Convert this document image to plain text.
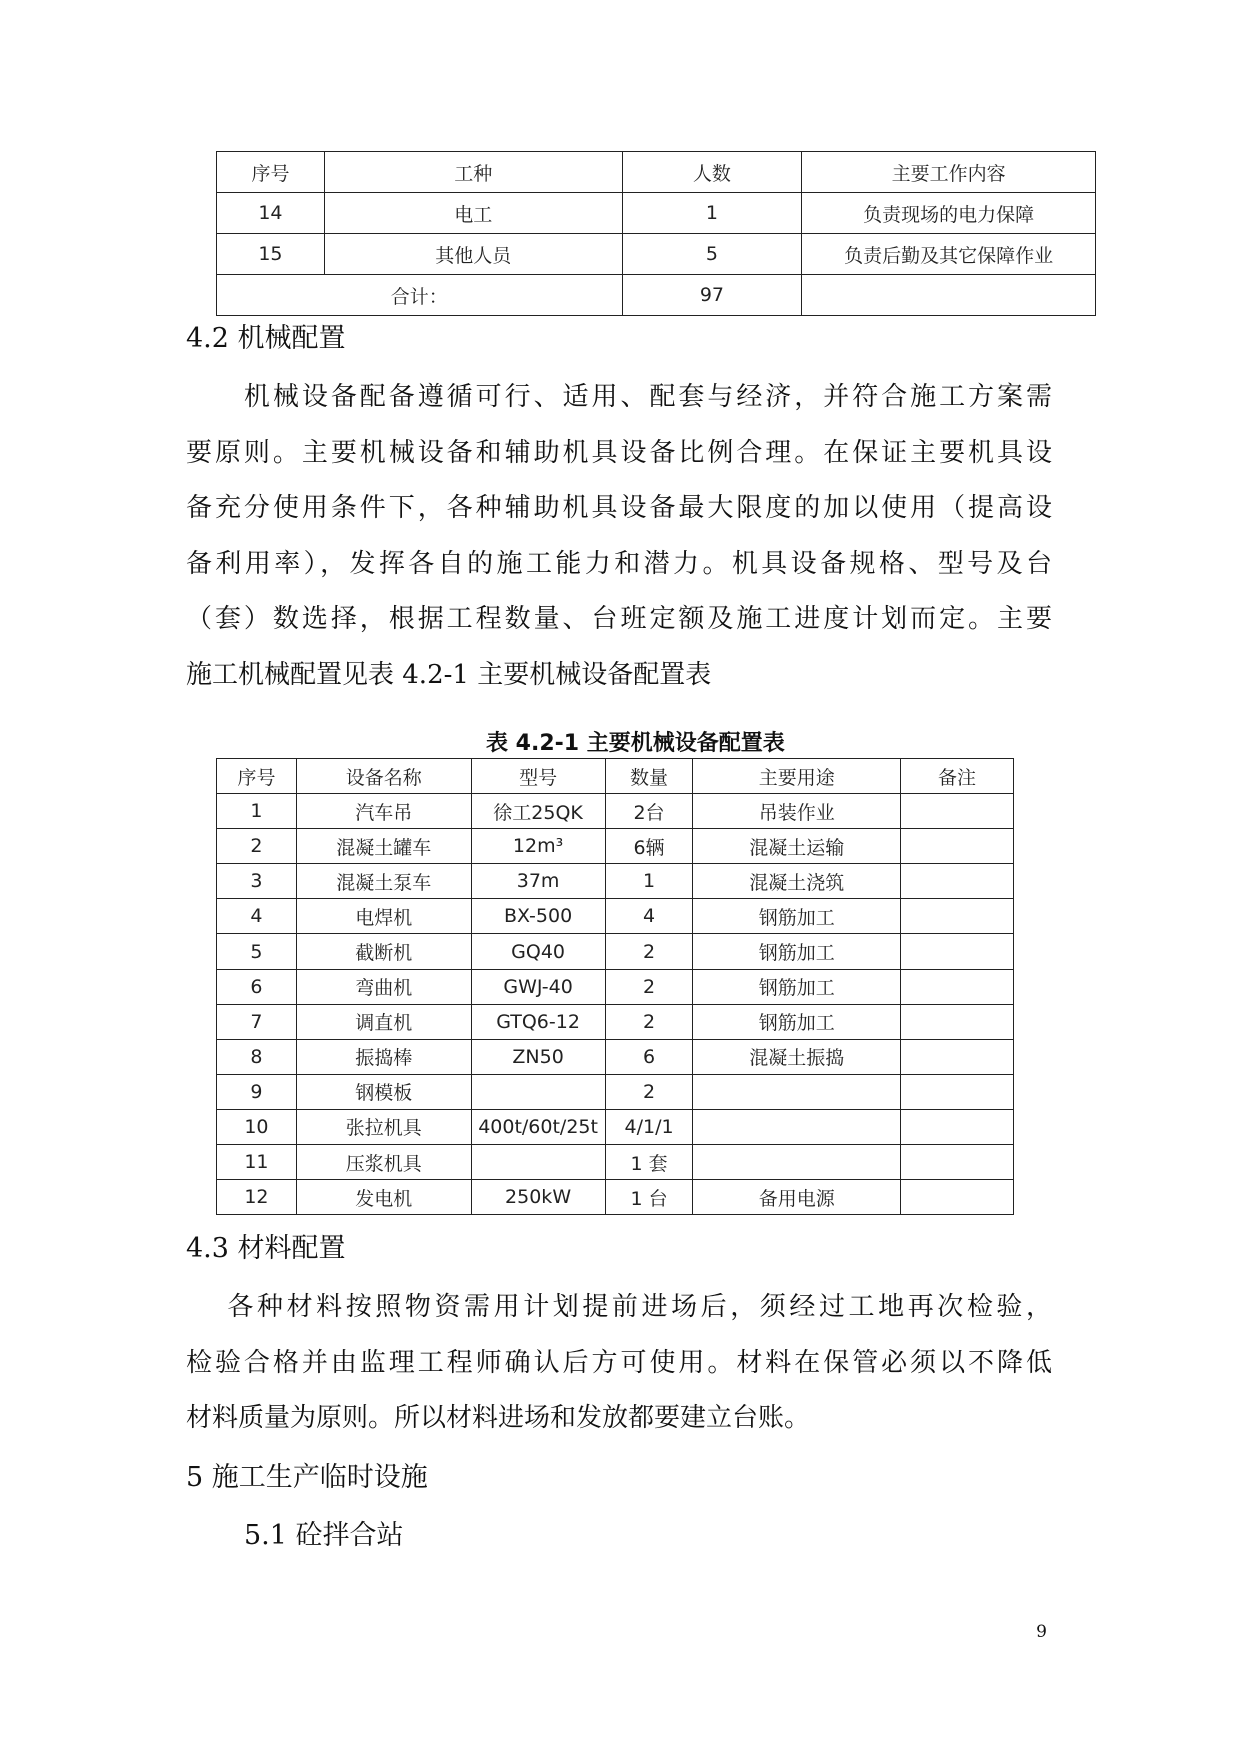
序号	工种	人数	主要工作内容
14	电工	1	负责现场的电力保障
15	其他人员	5	负责后勤及其它保障作业
合计：		97	
4.2 机械配置
　　机械设备配备遵循可行、适用、配套与经济，并符合施工方案需
要原则。主要机械设备和辅助机具设备比例合理。在保证主要机具设
备充分使用条件下，各种辅助机具设备最大限度的加以使用（提高设
备利用率），发挥各自的施工能力和潜力。机具设备规格、型号及台
（套）数选择，根据工程数量、台班定额及施工进度计划而定。主要
施工机械配置见表 4.2-1 主要机械设备配置表
表 4.2-1 主要机械设备配置表
序号	设备名称	型号	数量	主要用途	备注
1	汽车吊	徐工25QK	2台	吊装作业	
2	混凝土罐车	12m³	6辆	混凝土运输	
3	混凝土泵车	37m	1	混凝土浇筑	
4	电焊机	BX-500	4	钢筋加工	
5	截断机	GQ40	2	钢筋加工	
6	弯曲机	GWJ-40	2	钢筋加工	
7	调直机	GTQ6-12	2	钢筋加工	
8	振捣棒	ZN50	6	混凝土振捣	
9	钢模板		2		
10	张拉机具	400t/60t/25t	4/1/1		
11	压浆机具		1 套		
12	发电机	250kW	1 台	备用电源	
4.3 材料配置
　 各种材料按照物资需用计划提前进场后，须经过工地再次检验，
检验合格并由监理工程师确认后方可使用。材料在保管必须以不降低
材料质量为原则。所以材料进场和发放都要建立台账。
5 施工生产临时设施
5.1 砼拌合站
9
